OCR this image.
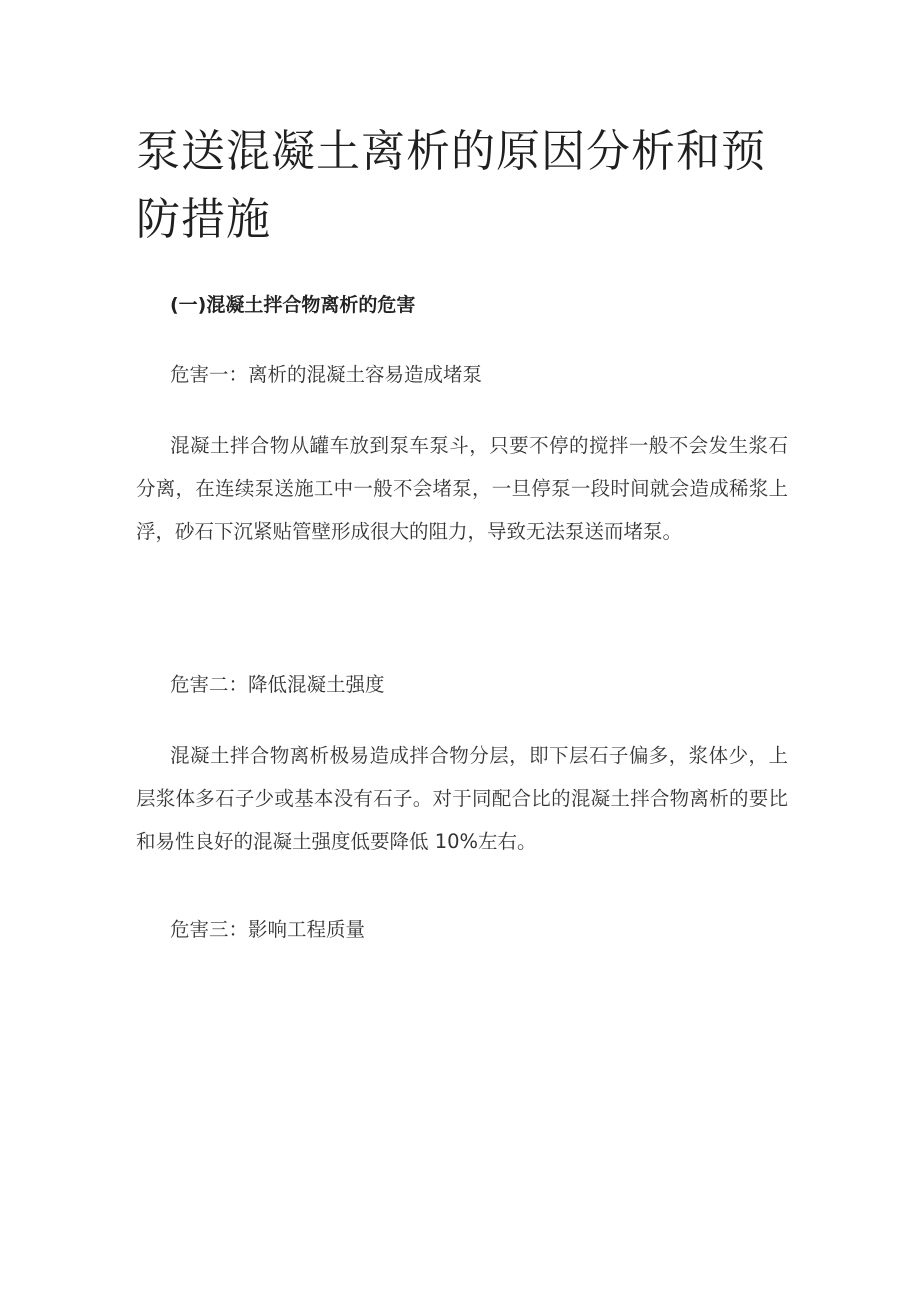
泵送混凝土离析的原因分析和预防措施
(一)混凝土拌合物离析的危害

危害一：离析的混凝土容易造成堵泵

混凝土拌合物从罐车放到泵车泵斗，只要不停的搅拌一般不会发生浆石分离，在连续泵送施工中一般不会堵泵，一旦停泵一段时间就会造成稀浆上浮，砂石下沉紧贴管壁形成很大的阻力，导致无法泵送而堵泵。

危害二：降低混凝土强度

混凝土拌合物离析极易造成拌合物分层，即下层石子偏多，浆体少，上层浆体多石子少或基本没有石子。对于同配合比的混凝土拌合物离析的要比和易性良好的混凝土强度低要降低 10%左右。

危害三：影响工程质量
